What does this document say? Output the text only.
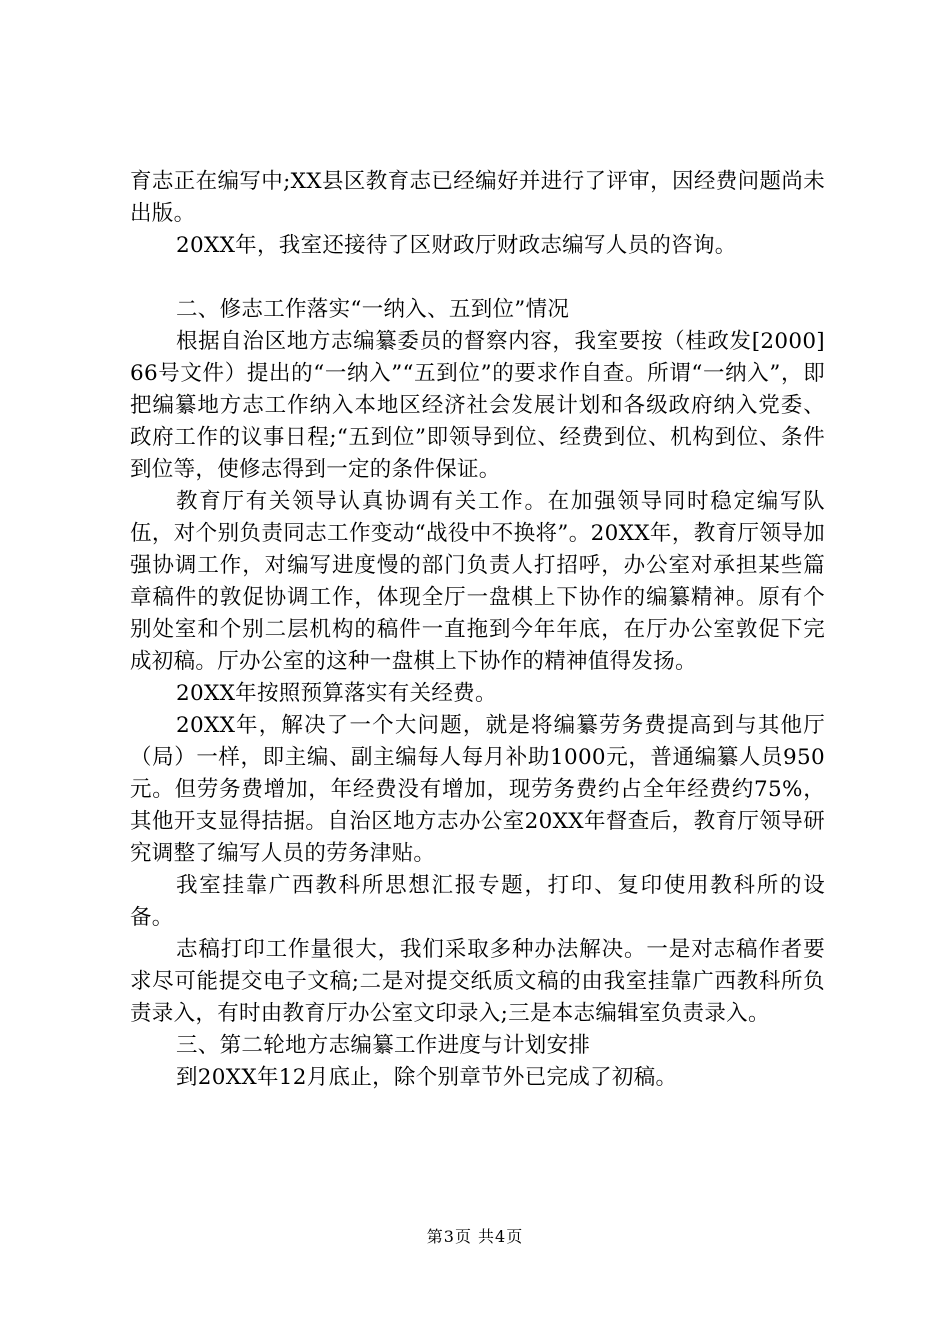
育志正在编写中;XX县区教育志已经编好并进行了评审，因经费问题尚未出版。

20XX年，我室还接待了区财政厅财政志编写人员的咨询。

二、修志工作落实“一纳入、五到位”情况

根据自治区地方志编纂委员的督察内容，我室要按（桂政发[2000]66号文件）提出的“一纳入”“五到位”的要求作自查。所谓“一纳入”，即把编纂地方志工作纳入本地区经济社会发展计划和各级政府纳入党委、政府工作的议事日程;“五到位”即领导到位、经费到位、机构到位、条件到位等，使修志得到一定的条件保证。

教育厅有关领导认真协调有关工作。在加强领导同时稳定编写队伍，对个别负责同志工作变动“战役中不换将”。20XX年，教育厅领导加强协调工作，对编写进度慢的部门负责人打招呼，办公室对承担某些篇章稿件的敦促协调工作，体现全厅一盘棋上下协作的编纂精神。原有个别处室和个别二层机构的稿件一直拖到今年年底，在厅办公室敦促下完成初稿。厅办公室的这种一盘棋上下协作的精神值得发扬。

20XX年按照预算落实有关经费。

20XX年，解决了一个大问题，就是将编纂劳务费提高到与其他厅（局）一样，即主编、副主编每人每月补助1000元，普通编纂人员950元。但劳务费增加，年经费没有增加，现劳务费约占全年经费约75%，其他开支显得拮据。自治区地方志办公室20XX年督查后，教育厅领导研究调整了编写人员的劳务津贴。

我室挂靠广西教科所思想汇报专题，打印、复印使用教科所的设备。

志稿打印工作量很大，我们采取多种办法解决。一是对志稿作者要求尽可能提交电子文稿;二是对提交纸质文稿的由我室挂靠广西教科所负责录入，有时由教育厅办公室文印录入;三是本志编辑室负责录入。

三、第二轮地方志编纂工作进度与计划安排

到20XX年12月底止，除个别章节外已完成了初稿。

第3页 共4页
